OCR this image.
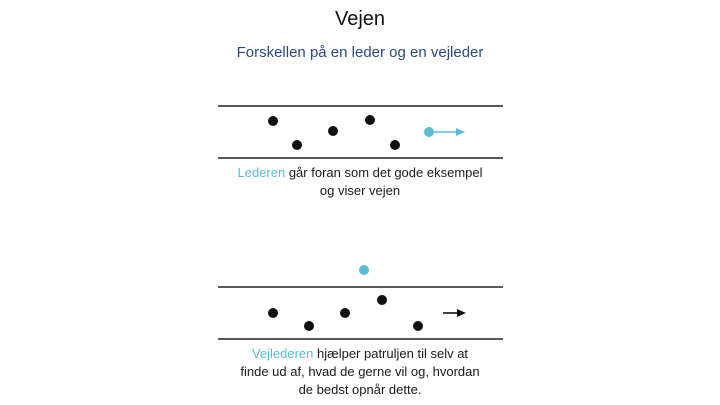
Vejen

Forskellen på en leder og en vejleder

Lederen går foran som det gode eksempel
og viser vejen
Vejlederen hjælper patruljen til selv at
finde ud af, hvad de gerne vil og, hvordan
de bedst opnår dette.
